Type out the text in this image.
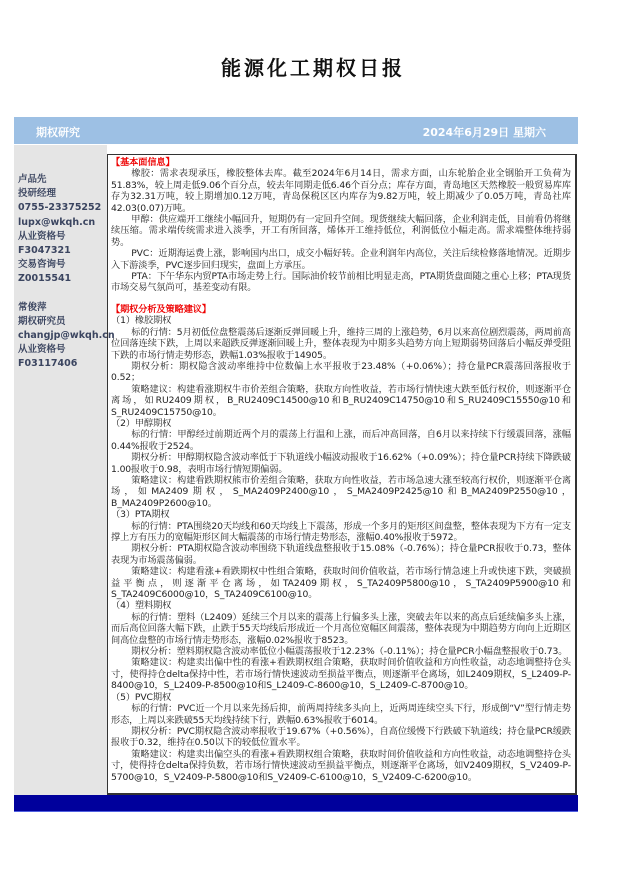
能源化工期权日报
期权研究	2024年6月29日 星期六
卢品先
投研经理
0755-23375252
lupx@wkqh.cn
从业资格号
F3047321
交易咨询号
Z0015541
常俊萍
期权研究员
changjp@wkqh.cn
从业资格号
F03117406

【基本面信息】

橡胶：需求表现承压，橡胶整体去库。截至2024年6月14日，需求方面，山东轮胎企业全钢胎开工负荷为51.83%，较上周走低9.06个百分点，较去年同期走低6.46个百分点；库存方面，青岛地区天然橡胶一般贸易库库存为32.31万吨，较上期增加0.12万吨，青岛保税区区内库存为9.82万吨，较上期减少了0.05万吨，青岛社库42.03(0.07)万吨。

甲醇：供应端开工继续小幅回升，短期仍有一定回升空间。现货继续大幅回落，企业利润走低，目前看仍将继续压缩。需求端传统需求进入淡季，开工有所回落，烯体开工维持低位，利润低位小幅走高。需求端整体维持弱势。

PVC：近期海运费上涨，影响国内出口，成交小幅好转。企业利润年内高位，关注后续检修落地情况。近期步入下游淡季，PVC逐步回归现实，盘面上方承压。

PTA：下午华东内贸PTA市场走势上行。国际油价较节前相比明显走高，PTA期货盘面随之重心上移；PTA现货市场交易气氛尚可，基差变动有限。

【期权分析及策略建议】

（1）橡胶期权

标的行情：5月初低位盘整震荡后逐渐反弹回暖上升，维持三周的上涨趋势，6月以来高位剧烈震荡，两周前高位回落连续下跌，上周以来超跌反弹逐渐回暖上升，整体表现为中期多头趋势方向上短期弱势回落后小幅反弹受阻下跌的市场行情走势形态，跌幅1.03%报收于14905。

期权分析：期权隐含波动率维持中位数偏上水平报收于23.48%（+0.06%）；持仓量PCR震荡回落报收于0.52；

策略建议：构建看涨期权牛市价差组合策略，获取方向性收益，若市场行情快速大跌至低行权价，则逐渐平仓离场，如RU2409期权，B_RU2409C14500@10和B_RU2409C14750@10和S_RU2409C15550@10和S_RU2409C15750@10。

（2）甲醇期权

标的行情：甲醇经过前期近两个月的震荡上行温和上涨，而后冲高回落，自6月以来持续下行缓震回落，涨幅0.44%报收于2524。

期权分析：甲醇期权隐含波动率低于下轨道线小幅波动报收于16.62%（+0.09%）；持仓量PCR持续下降跌破1.00报收于0.98，表明市场行情短期偏弱。

策略建议：构建看跌期权熊市价差组合策略，获取方向性收益，若市场急速大涨至较高行权价，则逐渐平仓离场，如MA2409期权，S_MA2409P2400@10，S_MA2409P2425@10和B_MA2409P2550@10，B_MA2409P2600@10。

（3）PTA期权

标的行情：PTA围绕20天均线和60天均线上下震荡，形成一个多月的矩形区间盘整，整体表现为下方有一定支撑上方有压力的宽幅矩形区间大幅震荡的市场行情走势形态，涨幅0.40%报收于5972。

期权分析：PTA期权隐含波动率围绕下轨道线盘整报收于15.08%（-0.76%）；持仓量PCR报收于0.73，整体表现为市场震荡偏弱。

策略建议：构建看涨+看跌期权中性组合策略，获取时间价值收益，若市场行情急速上升或快速下跌，突破损益平衡点，则逐渐平仓离场，如TA2409期权，S_TA2409P5800@10，S_TA2409P5900@10和S_TA2409C6000@10，S_TA2409C6100@10。

（4）塑料期权

标的行情：塑料（L2409）延续三个月以来的震荡上行偏多头上涨，突破去年以来的高点后延续偏多头上涨，而后高位回落大幅下跌，止跌于55天均线后形成近一个月高位宽幅区间震荡，整体表现为中期趋势方向向上近期区间高位盘整的市场行情走势形态，涨幅0.02%报收于8523。

期权分析：塑料期权隐含波动率低位小幅震荡报收于12.23%（-0.11%）；持仓量PCR小幅盘整报收于0.73。

策略建议：构建卖出偏中性的看涨+看跌期权组合策略，获取时间价值收益和方向性收益，动态地调整持仓头寸，使得持仓delta保持中性，若市场行情快速波动至损益平衡点，则逐渐平仓离场，如L2409期权，S_L2409-P-8400@10，S_L2409-P-8500@10和S_L2409-C-8600@10，S_L2409-C-8700@10。

（5）PVC期权

标的行情：PVC近一个月以来先扬后抑，前两周持续多头向上，近两周连续空头下行，形成倒“V”型行情走势形态，上周以来跌破55天均线持续下行，跌幅0.63%报收于6014。

期权分析：PVC期权隐含波动率报收于19.67%（+0.56%），自高位缓慢下行跌破下轨道线；持仓量PCR缓跌报收于0.32，维持在0.50以下的较低位置水平。

策略建议：构建卖出偏空头的看涨+看跌期权组合策略，获取时间价值收益和方向性收益，动态地调整持仓头寸，使得持仓delta保持负数，若市场行情快速波动至损益平衡点，则逐渐平仓离场，如V2409期权，S_V2409-P-5700@10，S_V2409-P-5800@10和S_V2409-C-6100@10，S_V2409-C-6200@10。
